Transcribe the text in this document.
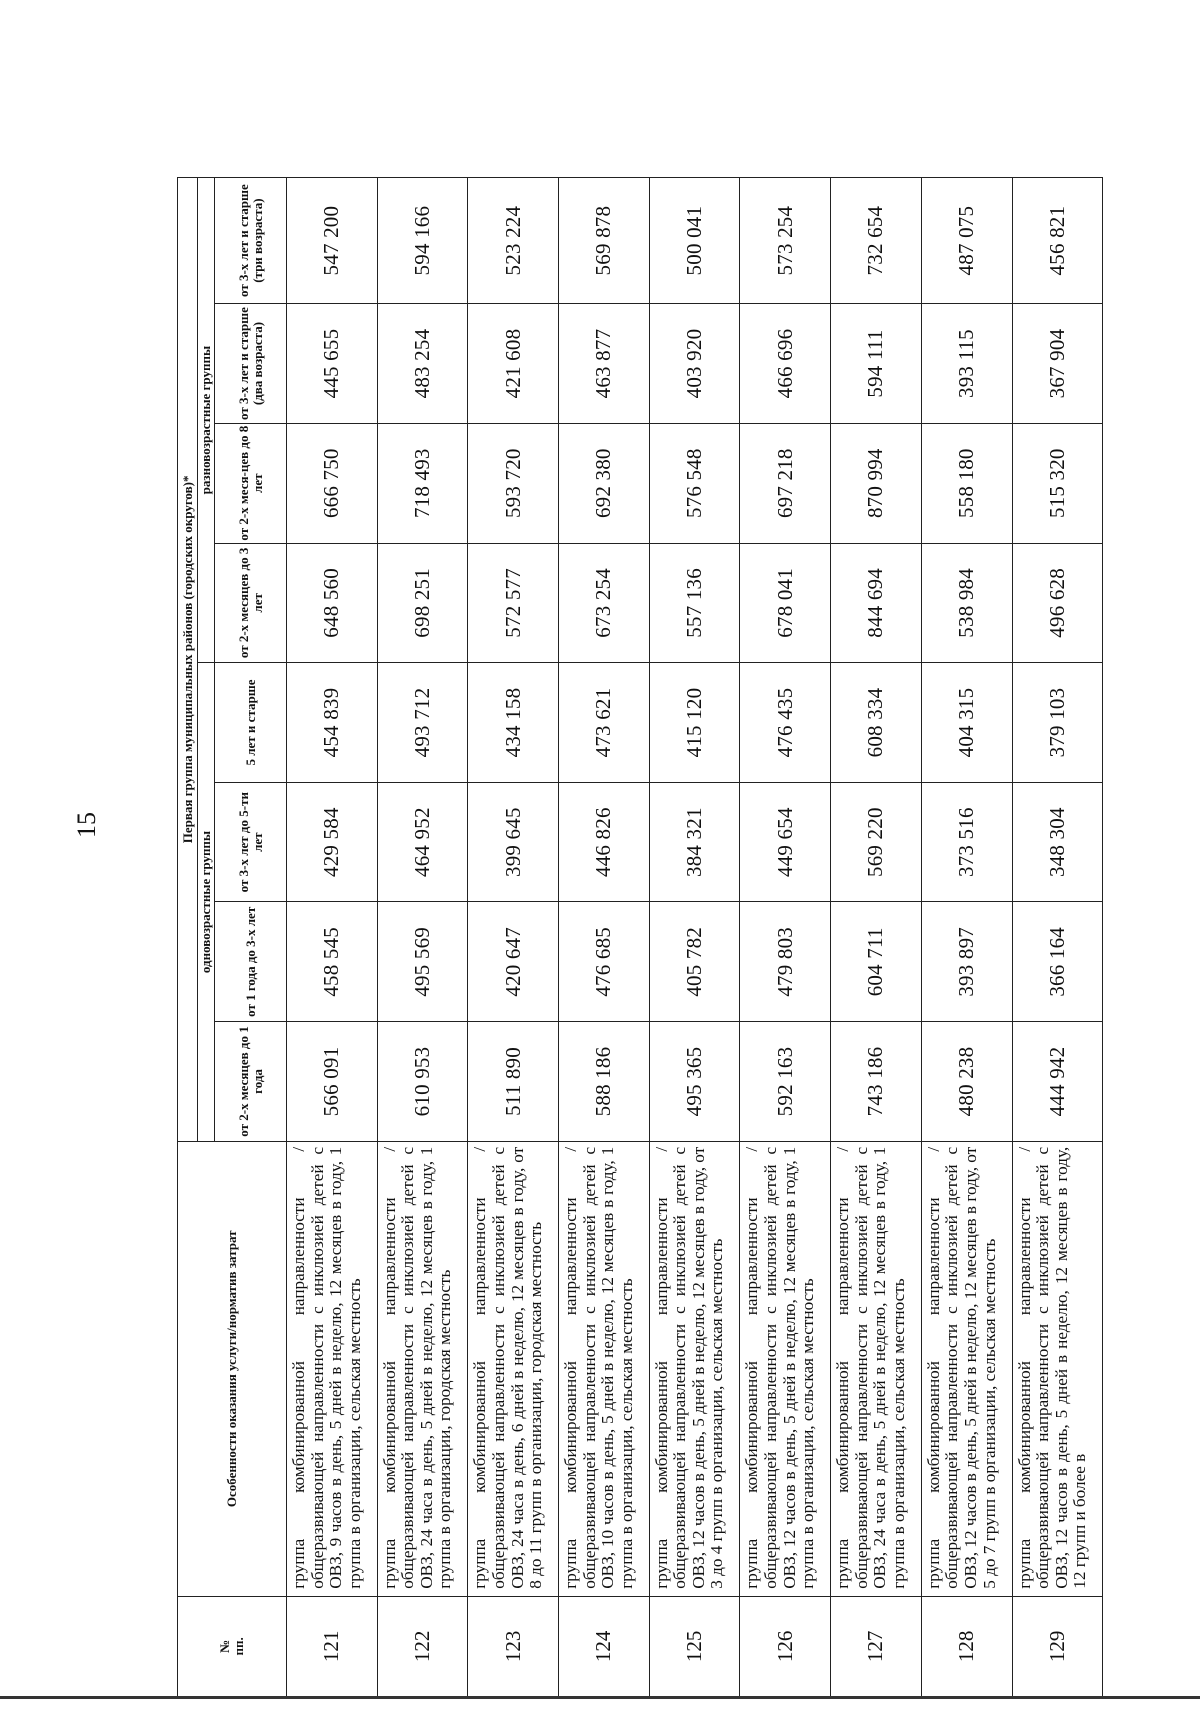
15
№
пп.	Особенности оказания услуги/норматив затрат	Первая группа муниципальных районов (городских округов)*							
		одновозрастные группы				разновозрастные группы			
		от 2-х месяцев до 1 года	от 1 года до 3-х лет	от 3-х лет до 5-ти лет	5 лет и старше	от 2-х месяцев до 3 лет	от 2-х меся-цев до 8 лет	от 3-х лет и старше (два возраста)	от 3-х лет и старше (три возраста)
121	группа комбинированной направленности / общеразвивающей направленности с инклюзией детей с ОВЗ, 9 часов в день, 5 дней в неделю, 12 месяцев в году, 1 группа в организации, сельская местность	566 091	458 545	429 584	454 839	648 560	666 750	445 655	547 200
122	группа комбинированной направленности / общеразвивающей направленности с инклюзией детей с ОВЗ, 24 часа в день, 5 дней в неделю, 12 месяцев в году, 1 группа в организации, городская местность	610 953	495 569	464 952	493 712	698 251	718 493	483 254	594 166
123	группа комбинированной направленности / общеразвивающей направленности с инклюзией детей с ОВЗ, 24 часа в день, 6 дней в неделю, 12 месяцев в году, от 8 до 11 групп в организации, городская местность	511 890	420 647	399 645	434 158	572 577	593 720	421 608	523 224
124	группа комбинированной направленности / общеразвивающей направленности с инклюзией детей с ОВЗ, 10 часов в день, 5 дней в неделю, 12 месяцев в году, 1 группа в организации, сельская местность	588 186	476 685	446 826	473 621	673 254	692 380	463 877	569 878
125	группа комбинированной направленности / общеразвивающей направленности с инклюзией детей с ОВЗ, 12 часов в день, 5 дней в неделю, 12 месяцев в году, от 3 до 4 групп в организации, сельская местность	495 365	405 782	384 321	415 120	557 136	576 548	403 920	500 041
126	группа комбинированной направленности / общеразвивающей направленности с инклюзией детей с ОВЗ, 12 часов в день, 5 дней в неделю, 12 месяцев в году, 1 группа в организации, сельская местность	592 163	479 803	449 654	476 435	678 041	697 218	466 696	573 254
127	группа комбинированной направленности / общеразвивающей направленности с инклюзией детей с ОВЗ, 24 часа в день, 5 дней в неделю, 12 месяцев в году, 1 группа в организации, сельская местность	743 186	604 711	569 220	608 334	844 694	870 994	594 111	732 654
128	группа комбинированной направленности / общеразвивающей направленности с инклюзией детей с ОВЗ, 12 часов в день, 5 дней в неделю, 12 месяцев в году, от 5 до 7 групп в организации, сельская местность	480 238	393 897	373 516	404 315	538 984	558 180	393 115	487 075
129	группа комбинированной направленности / общеразвивающей направленности с инклюзией детей с ОВЗ, 12 часов в день, 5 дней в неделю, 12 месяцев в году, 12 групп и более в	444 942	366 164	348 304	379 103	496 628	515 320	367 904	456 821
